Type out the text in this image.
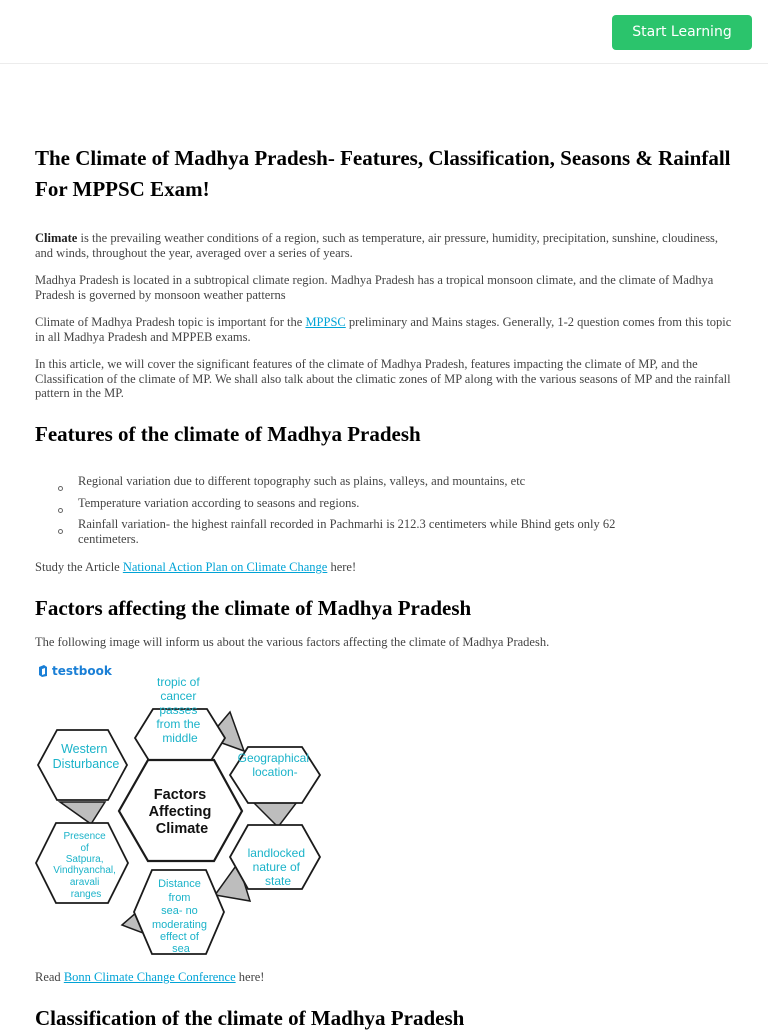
Start Learning
The Climate of Madhya Pradesh- Features, Classification, Seasons & Rainfall For MPPSC Exam!

Climate is the prevailing weather conditions of a region, such as temperature, air pressure, humidity, precipitation, sunshine, cloudiness, and winds, throughout the year, averaged over a series of years.

Madhya Pradesh is located in a subtropical climate region. Madhya Pradesh has a tropical monsoon climate, and the climate of Madhya Pradesh is governed by monsoon weather patterns

Climate of Madhya Pradesh topic is important for the MPPSC preliminary and Mains stages. Generally, 1-2 question comes from this topic in all Madhya Pradesh and MPPEB exams.

In this article, we will cover the significant features of the climate of Madhya Pradesh, features impacting the climate of MP, and the Classification of the climate of MP. We shall also talk about the climatic zones of MP along with the various seasons of MP and the rainfall pattern in the MP.

Features of the climate of Madhya Pradesh

Study the Article National Action Plan on Climate Change here!

Factors affecting the climate of Madhya Pradesh

The following image will inform us about the various factors affecting the climate of Madhya Pradesh.

Read Bonn Climate Change Conference here!

Classification of the climate of Madhya Pradesh
Regional variation due to different topography such as plains, valleys, and mountains, etc
Temperature variation according to seasons and regions.
Rainfall variation- the highest rainfall recorded in Pachmarhi is 212.3 centimeters while Bhind gets only 62 centimeters.
testbook
tropic of cancer passes from the middle
Geographical location-
landlocked nature of state
Distance from sea- no moderating effect of sea
Presence of Satpura, Vindhyanchal, aravali ranges
Western Disturbance
Factors Affecting Climate
